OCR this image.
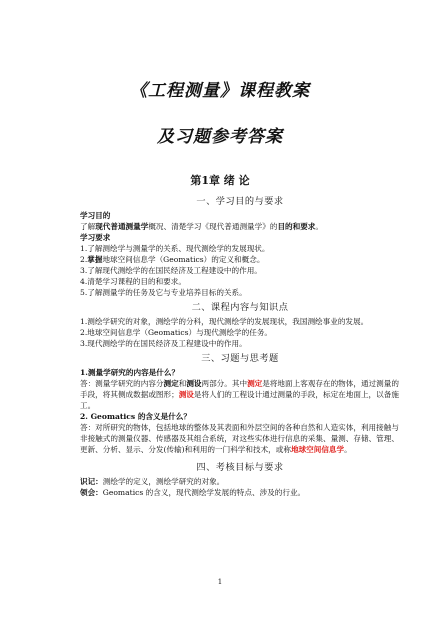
《工程测量》课程教案
及习题参考答案
第1章 绪 论
一、学习目的与要求
学习目的
了解现代普通测量学概况、清楚学习《现代普通测量学》的目的和要求。
学习要求
1.了解测绘学与测量学的关系、现代测绘学的发展现状。
2.掌握地球空间信息学（Geomatics）的定义和概念。
3.了解现代测绘学的在国民经济及工程建设中的作用。
4.清楚学习课程的目的和要求。
5.了解测量学的任务及它与专业培养目标的关系。
二、课程内容与知识点
1.测绘学研究的对象，测绘学的分科，现代测绘学的发展现状，我国测绘事业的发展。
2.地球空间信息学（Geomatics）与现代测绘学的任务。
3.现代测绘学的在国民经济及工程建设中的作用。
三、习题与思考题
1.测量学研究的内容是什么？
答：测量学研究的内容分测定和测设两部分。其中测定是将地面上客观存在的物体，通过测量的手段，将其侧成数据或图形；测设是将人们的工程设计通过测量的手段，标定在地面上，以备施工。
2. Geomatics 的含义是什么？
答：对所研究的物体，包括地球的整体及其表面和外层空间的各种自然和人造实体，利用接触与非接触式的测量仪器、传感器及其组合系统，对这些实体进行信息的采集、量测、存储、管理、更新、分析、显示、分发(传输)和利用的一门科学和技术，或称地球空间信息学。
四、考核目标与要求
识记：测绘学的定义，测绘学研究的对象。
领会：Geomatics 的含义，现代测绘学发展的特点、涉及的行业。
1
